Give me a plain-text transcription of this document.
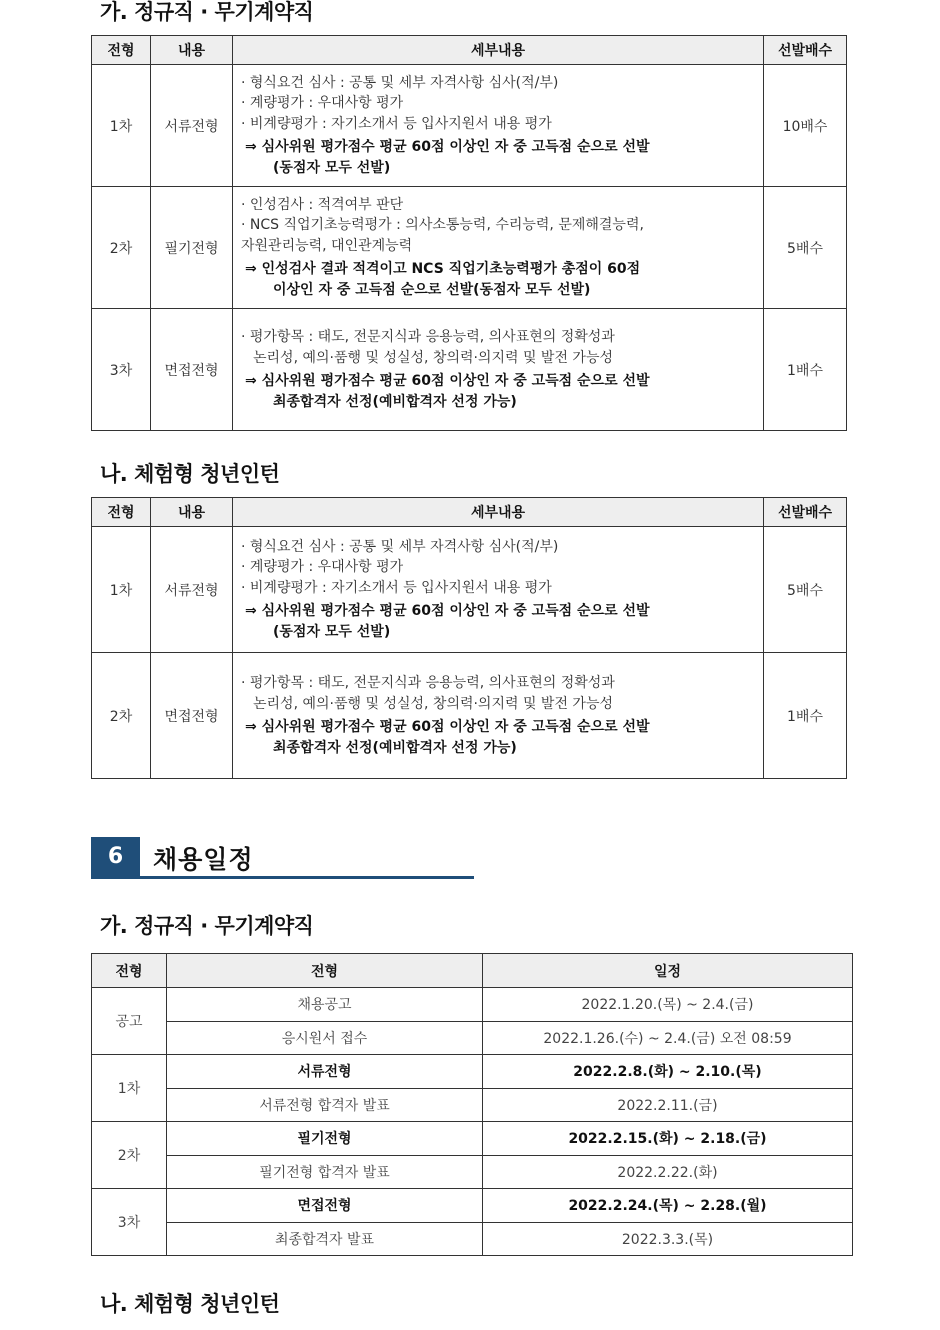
가. 정규직 · 무기계약직
전형	내용	세부내용	선발배수
1차	서류전형	· 형식요건 심사 : 공통 및 세부 자격사항 심사(적/부)
· 계량평가 : 우대사항 평가
· 비계량평가 : 자기소개서 등 입사지원서 내용 평가
⇒ 심사위원 평가점수 평균 60점 이상인 자 중 고득점 순으로 선발
(동점자 모두 선발)	10배수
2차	필기전형	· 인성검사 : 적격여부 판단
· NCS 직업기초능력평가 : 의사소통능력, 수리능력, 문제해결능력,
자원관리능력, 대인관계능력
⇒ 인성검사 결과 적격이고 NCS 직업기초능력평가 총점이 60점
이상인 자 중 고득점 순으로 선발(동점자 모두 선발)	5배수
3차	면접전형	· 평가항목 : 태도, 전문지식과 응용능력, 의사표현의 정확성과
논리성, 예의·품행 및 성실성, 창의력·의지력 및 발전 가능성
⇒ 심사위원 평가점수 평균 60점 이상인 자 중 고득점 순으로 선발
최종합격자 선정(예비합격자 선정 가능)	1배수
나. 체험형 청년인턴
전형	내용	세부내용	선발배수
1차	서류전형	· 형식요건 심사 : 공통 및 세부 자격사항 심사(적/부)
· 계량평가 : 우대사항 평가
· 비계량평가 : 자기소개서 등 입사지원서 내용 평가
⇒ 심사위원 평가점수 평균 60점 이상인 자 중 고득점 순으로 선발
(동점자 모두 선발)	5배수
2차	면접전형	· 평가항목 : 태도, 전문지식과 응용능력, 의사표현의 정확성과
논리성, 예의·품행 및 성실성, 창의력·의지력 및 발전 가능성
⇒ 심사위원 평가점수 평균 60점 이상인 자 중 고득점 순으로 선발
최종합격자 선정(예비합격자 선정 가능)	1배수
6	채용일정
가. 정규직 · 무기계약직
전형	전형	일정
공고	채용공고	2022.1.20.(목) ~ 2.4.(금)
	응시원서 접수	2022.1.26.(수) ~ 2.4.(금) 오전 08:59
1차	서류전형	2022.2.8.(화) ~ 2.10.(목)
	서류전형 합격자 발표	2022.2.11.(금)
2차	필기전형	2022.2.15.(화) ~ 2.18.(금)
	필기전형 합격자 발표	2022.2.22.(화)
3차	면접전형	2022.2.24.(목) ~ 2.28.(월)
	최종합격자 발표	2022.3.3.(목)
나. 체험형 청년인턴
